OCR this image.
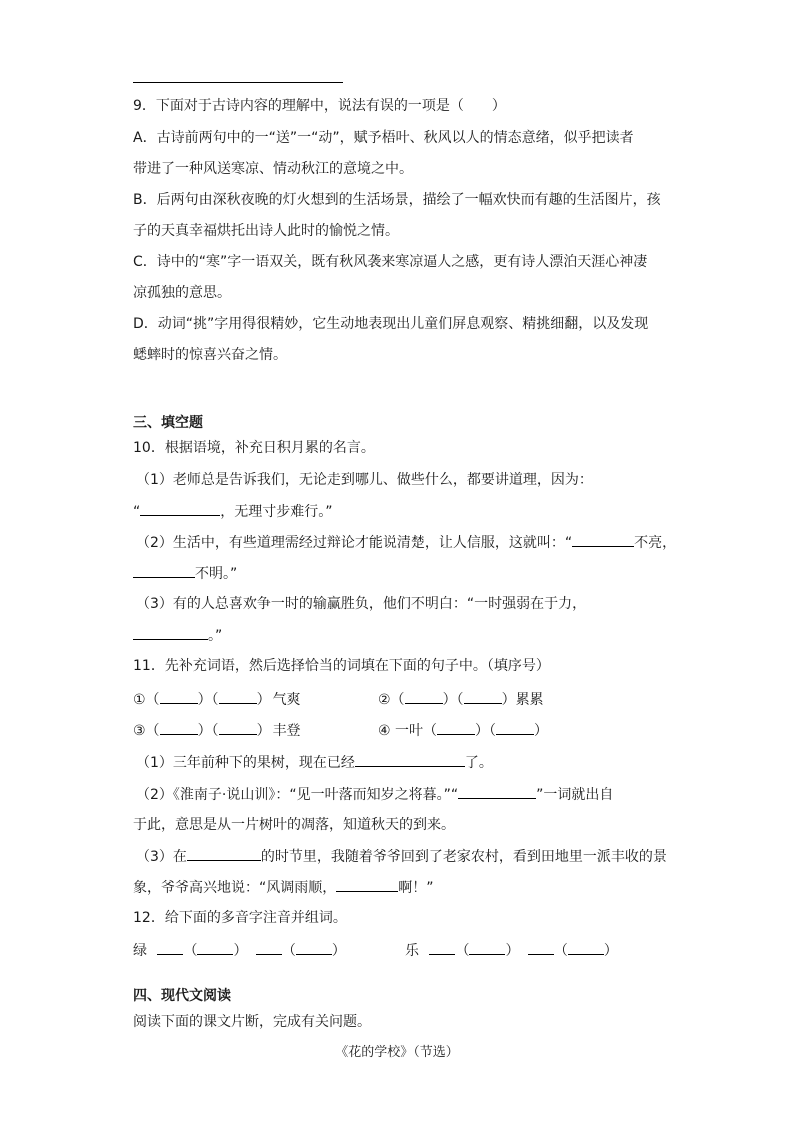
9．下面对于古诗内容的理解中，说法有误的一项是（　　）
A．古诗前两句中的一“送”一“动”，赋予梧叶、秋风以人的情态意绪，似乎把读者
带进了一种风送寒凉、情动秋江的意境之中。
B．后两句由深秋夜晚的灯火想到的生活场景，描绘了一幅欢快而有趣的生活图片，孩
子的天真幸福烘托出诗人此时的愉悦之情。
C．诗中的“寒”字一语双关，既有秋风袭来寒凉逼人之感，更有诗人漂泊天涯心神凄
凉孤独的意思。
D．动词“挑”字用得很精妙，它生动地表现出儿童们屏息观察、精挑细翻，以及发现
蟋蟀时的惊喜兴奋之情。
三、填空题
10．根据语境，补充日积月累的名言。
（1）老师总是告诉我们，无论走到哪儿、做些什么，都要讲道理，因为：
“	，无理寸步难行。”
（2）生活中，有些道理需经过辩论才能说清楚，让人信服，这就叫：“	不亮，
不明。”
（3）有的人总喜欢争一时的输赢胜负，他们不明白：“一时强弱在于力，
。”
11．先补充词语，然后选择恰当的词填在下面的句子中。（填序号）
①（	）（	） 气爽	②（	）（	）累累
③（	）（	） 丰登	④ 一叶（	）（	）
（1）三年前种下的果树，现在已经	了。
（2）《淮南子·说山训》：“见一叶落而知岁之将暮。”“	”一词就出自
于此，意思是从一片树叶的凋落，知道秋天的到来。
（3）在	的时节里，我随着爷爷回到了老家农村，看到田地里一派丰收的景
象，爷爷高兴地说：“风调雨顺，	啊！”
12．给下面的多音字注音并组词。
绿	（	） （	）	乐	（	） （	）
四、现代文阅读
阅读下面的课文片断，完成有关问题。
《花的学校》（节选）
